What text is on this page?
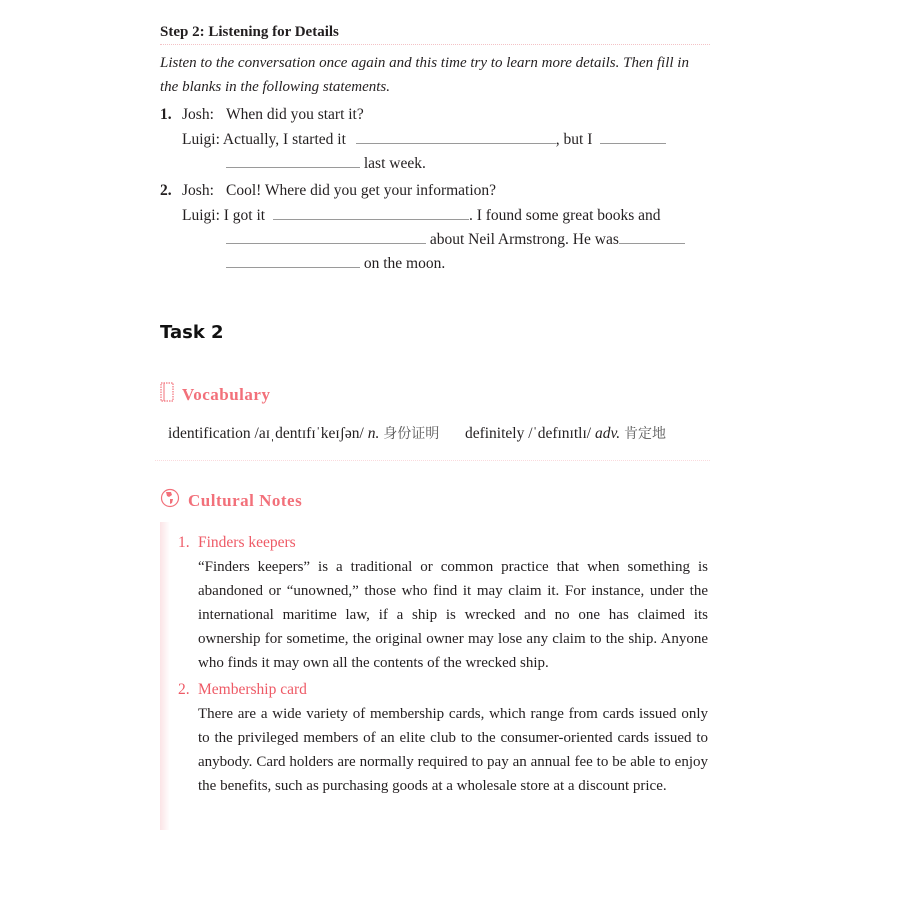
Step 2: Listening for Details
Listen to the conversation once again and this time try to learn more details. Then fill in
the blanks in the following statements.
1. Josh: When did you start it?
Luigi: Actually, I started it	, but I
last week.
2. Josh: Cool! Where did you get your information?
Luigi: I got it	. I found some great books and
about Neil Armstrong. He was
on the moon.
Task 2
Vocabulary
identification /aɪˌdentɪfɪˈkeɪʃən/ n. 身份证明 definitely /ˈdefɪnɪtlɪ/ adv. 肯定地
Cultural Notes
1. Finders keepers
“Finders keepers” is a traditional or common practice that when something is abandoned or “unowned,” those who find it may claim it. For instance, under the international maritime law, if a ship is wrecked and no one has claimed its ownership for sometime, the original owner may lose any claim to the ship. Anyone who finds it may own all the contents of the wrecked ship.
2. Membership card
There are a wide variety of membership cards, which range from cards issued only to the privileged members of an elite club to the consumer-oriented cards issued to anybody. Card holders are normally required to pay an annual fee to be able to enjoy the benefits, such as purchasing goods at a wholesale store at a discount price.
